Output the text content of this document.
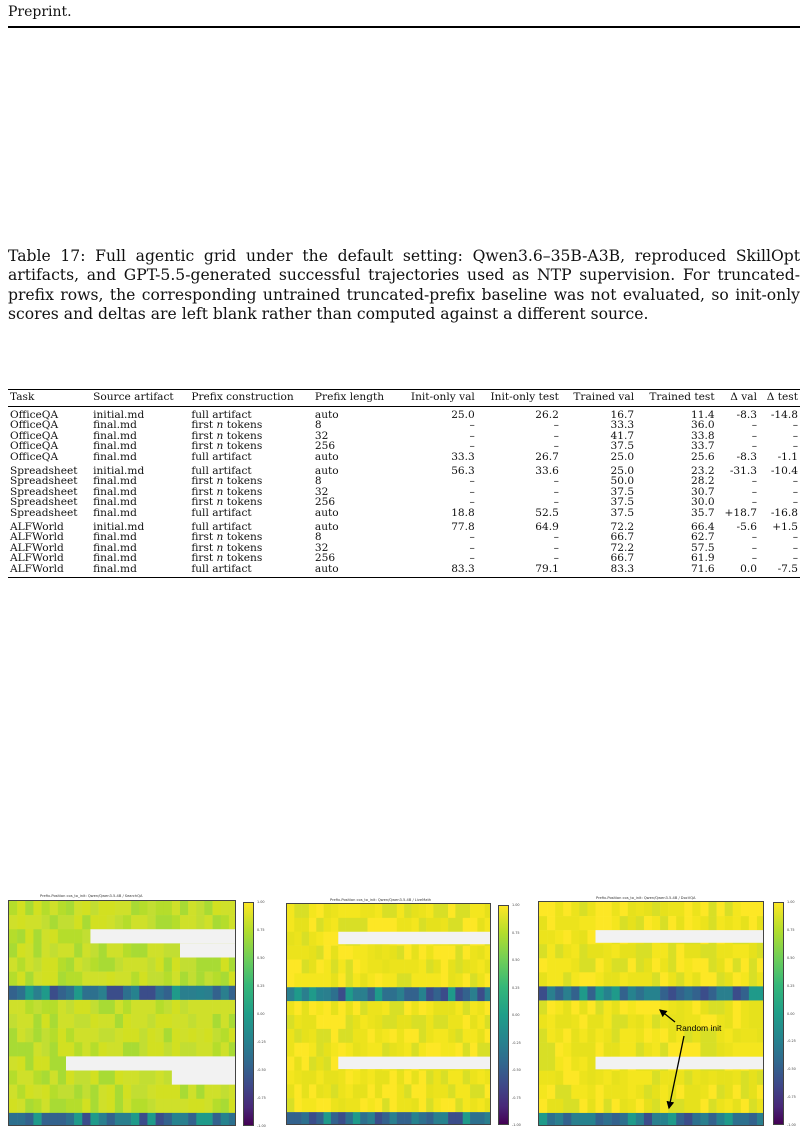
Preprint.
Table 17: Full agentic grid under the default setting: Qwen3.6–35B-A3B, reproduced SkillOpt artifacts, and GPT-5.5-generated successful trajectories used as NTP supervision. For truncated-prefix rows, the corresponding untrained truncated-prefix baseline was not evaluated, so init-only scores and deltas are left blank rather than computed against a different source.
Task	Source artifact	Prefix construction	Prefix length	Init-only val	Init-only test	Trained val	Trained test	Δ val	Δ test
OfficeQA	initial.md	full artifact	auto	25.0	26.2	16.7	11.4	-8.3	-14.8
OfficeQA	final.md	first n tokens	8	–	–	33.3	36.0	–	–
OfficeQA	final.md	first n tokens	32	–	–	41.7	33.8	–	–
OfficeQA	final.md	first n tokens	256	–	–	37.5	33.7	–	–
OfficeQA	final.md	full artifact	auto	33.3	26.7	25.0	25.6	-8.3	-1.1
Spreadsheet	initial.md	full artifact	auto	56.3	33.6	25.0	23.2	-31.3	-10.4
Spreadsheet	final.md	first n tokens	8	–	–	50.0	28.2	–	–
Spreadsheet	final.md	first n tokens	32	–	–	37.5	30.7	–	–
Spreadsheet	final.md	first n tokens	256	–	–	37.5	30.0	–	–
Spreadsheet	final.md	full artifact	auto	18.8	52.5	37.5	35.7	+18.7	-16.8
ALFWorld	initial.md	full artifact	auto	77.8	64.9	72.2	66.4	-5.6	+1.5
ALFWorld	final.md	first n tokens	8	–	–	66.7	62.7	–	–
ALFWorld	final.md	first n tokens	32	–	–	72.2	57.5	–	–
ALFWorld	final.md	first n tokens	256	–	–	66.7	61.9	–	–
ALFWorld	final.md	full artifact	auto	83.3	79.1	83.3	71.6	0.0	-7.5
Prefix-Position cos_to_init: Qwen/Qwen3.5-4B / SearchQA
1.00
0.75
0.50
0.25
0.00
-0.25
-0.50
-0.75
-1.00
Prefix-Position cos_to_init: Qwen/Qwen3.5-4B / LiveMath
1.00
0.75
0.50
0.25
0.00
-0.25
-0.50
-0.75
-1.00
Prefix-Position cos_to_init: Qwen/Qwen3.5-4B / DocVQA
1.00
0.75
0.50
0.25
0.00
-0.25
-0.50
-0.75
-1.00
Random init
